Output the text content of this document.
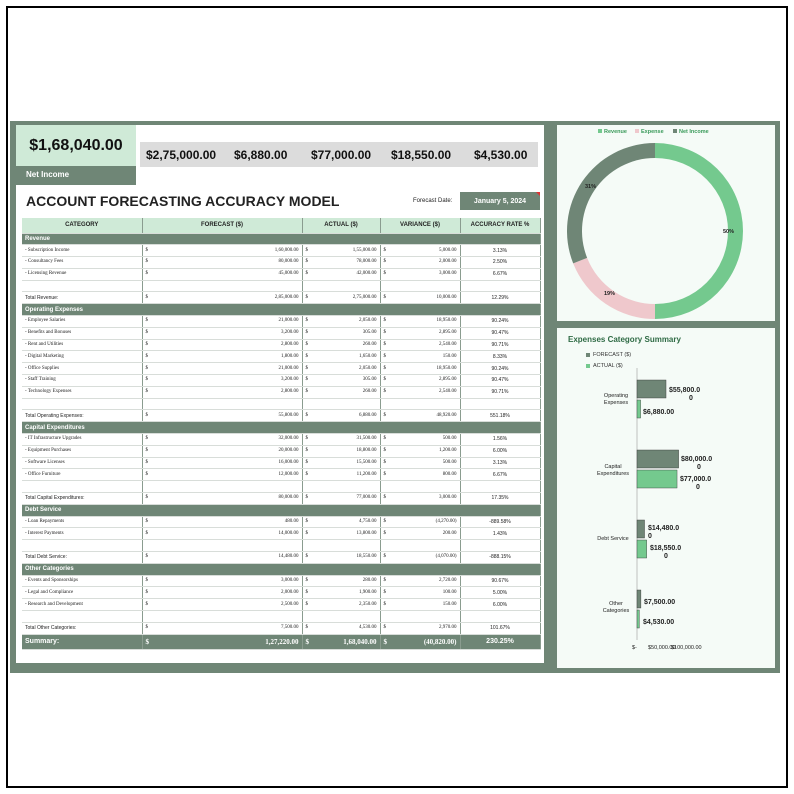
$1,68,040.00
Net Income
Budget Summary
$2,75,000.00 $6,880.00 $77,000.00 $18,550.00 $4,530.00
Revenue	Operating Expenses	Capital Expenditures	Debt Service	Other Categories
ACCOUNT FORECASTING ACCURACY MODEL	Forecast Date:	January 5, 2024
CATEGORY	FORECAST ($)	ACTUAL ($)	VARIANCE ($)	ACCURACY RATE %
Revenue				
- Subscription Income	$ 1,60,000.00	$ 1,55,000.00	$ 5,000.00	3.13%
- Consultancy Fees	$ 80,000.00	$ 78,000.00	$ 2,000.00	2.50%
- Licensing Revenue	$ 45,000.00	$ 42,000.00	$ 3,000.00	6.67%

Total Revenue:	$ 2,85,000.00	$ 2,75,000.00	$ 10,000.00	12.29%
Operating Expenses				
- Employee Salaries	$ 21,000.00	$ 2,050.00	$ 18,950.00	90.24%
- Benefits and Bonuses	$ 3,200.00	$ 305.00	$ 2,895.00	90.47%
- Rent and Utilities	$ 2,800.00	$ 260.00	$ 2,540.00	90.71%
- Digital Marketing	$ 1,800.00	$ 1,650.00	$ 150.00	8.33%
- Office Supplies	$ 21,000.00	$ 2,050.00	$ 18,950.00	90.24%
- Staff Training	$ 3,200.00	$ 305.00	$ 2,895.00	90.47%
- Technology Expenses	$ 2,800.00	$ 260.00	$ 2,540.00	90.71%

Total Operating Expenses:	$ 55,800.00	$ 6,880.00	$ 48,920.00	551.18%
Capital Expenditures				
- IT Infrastructure Upgrades	$ 32,000.00	$ 31,500.00	$ 500.00	1.56%
- Equipment Purchases	$ 20,000.00	$ 18,800.00	$ 1,200.00	6.00%
- Software Licenses	$ 16,000.00	$ 15,500.00	$ 500.00	3.13%
- Office Furniture	$ 12,000.00	$ 11,200.00	$ 800.00	6.67%

Total Capital Expenditures:	$ 80,000.00	$ 77,000.00	$ 3,000.00	17.35%
Debt Service				
- Loan Repayments	$ 480.00	$ 4,750.00	$ (4,270.00)	-889.58%
- Interest Payments	$ 14,000.00	$ 13,800.00	$ 200.00	1.43%

Total Debt Service:	$ 14,480.00	$ 18,550.00	$ (4,070.00)	-888.15%
Other Categories				
- Events and Sponsorships	$ 3,000.00	$ 280.00	$ 2,720.00	90.67%
- Legal and Compliance	$ 2,000.00	$ 1,900.00	$ 100.00	5.00%
- Research and Development	$ 2,500.00	$ 2,350.00	$ 150.00	6.00%

Total Other Categories:	$ 7,500.00	$ 4,530.00	$ 2,970.00	101.67%
Summary:	$ 1,27,220.00	$ 1,68,040.00	$ (40,820.00)	230.25%
Revenue	Expense	Net Income
50%
19%
31%
Expenses Category Summary
FORECAST ($)
ACTUAL ($)
Operating
Expenses
Capital
Expenditures
Debt Service
Other
Categories
$55,800.0
0
$6,880.00
$80,000.0
0
$77,000.0
0
$14,480.0
0
$18,550.0
0
$7,500.00
$4,530.00
$- $50,000.00
$100,000.00
